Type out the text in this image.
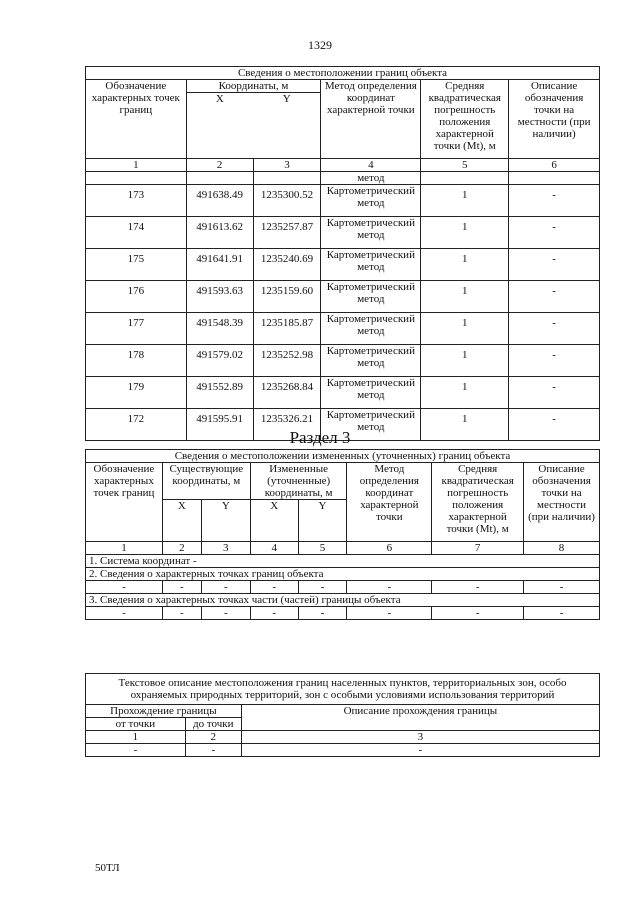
1329
Сведения о местоположении границ объекта					
Обозначение характерных точек границ	Координаты, м		Метод определения координат характерной точки	Средняя квадратическая погрешность положения характерной точки (Mt), м	Описание обозначения точки на местности (при наличии)
	X	Y			
1	2	3	4	5	6
			метод		
173	491638.49	1235300.52	Картометрический метод	1	-
174	491613.62	1235257.87	Картометрический метод	1	-
175	491641.91	1235240.69	Картометрический метод	1	-
176	491593.63	1235159.60	Картометрический метод	1	-
177	491548.39	1235185.87	Картометрический метод	1	-
178	491579.02	1235252.98	Картометрический метод	1	-
179	491552.89	1235268.84	Картометрический метод	1	-
172	491595.91	1235326.21	Картометрический метод	1	-
Раздел 3
Сведения о местоположении измененных (уточненных) границ объекта							
Обозначение характерных точек границ	Существующие координаты, м		Измененные (уточненные) координаты, м		Метод определения координат характерной точки	Средняя квадратическая погрешность положения характерной точки (Mt), м	Описание обозначения точки на местности (при наличии)
	X	Y	X	Y			
1	2	3	4	5	6	7	8
1. Система координат -							
2. Сведения о характерных точках границ объекта							
-	-	-	-	-	-	-	-
3. Сведения о характерных точках части (частей) границы объекта							
-	-	-	-	-	-	-	-
Текстовое описание местоположения границ населенных пунктов, территориальных зон, особо охраняемых природных территорий, зон с особыми условиями использования территорий		
Прохождение границы		Описание прохождения границы
от точки	до точки	
1	2	3
-	-	-
50ТЛ
